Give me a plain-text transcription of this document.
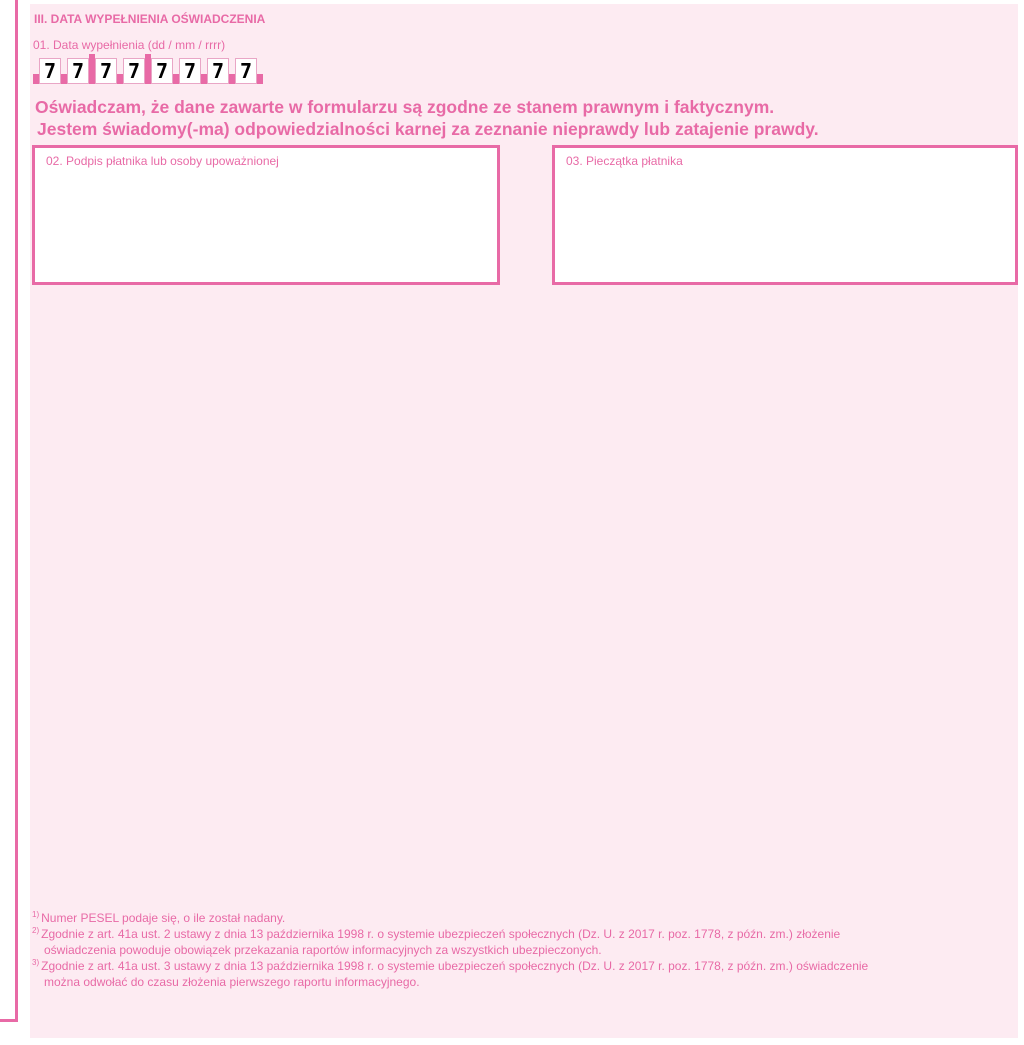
III. DATA WYPEŁNIENIA OŚWIADCZENIA
01. Data wypełnienia (dd / mm / rrrr)
7 7 7 7 7 7 7 7
Oświadczam, że dane zawarte w formularzu są zgodne ze stanem prawnym i faktycznym.
Jestem świadomy(-ma) odpowiedzialności karnej za zeznanie nieprawdy lub zatajenie prawdy.
02. Podpis płatnika lub osoby upoważnionej	03. Pieczątka płatnika
$^{1)}$ Numer PESEL podaje się, o ile został nadany.
$^{2)}$ Zgodnie z art. 41a ust. 2 ustawy z dnia 13 października 1998 r. o systemie ubezpieczeń społecznych (Dz. U. z 2017 r. poz. 1778, z późn. zm.) złożenie
oświadczenia powoduje obowiązek przekazania raportów informacyjnych za wszystkich ubezpieczonych.
$^{3)}$ Zgodnie z art. 41a ust. 3 ustawy z dnia 13 października 1998 r. o systemie ubezpieczeń społecznych (Dz. U. z 2017 r. poz. 1778, z późn. zm.) oświadczenie
można odwołać do czasu złożenia pierwszego raportu informacyjnego.
